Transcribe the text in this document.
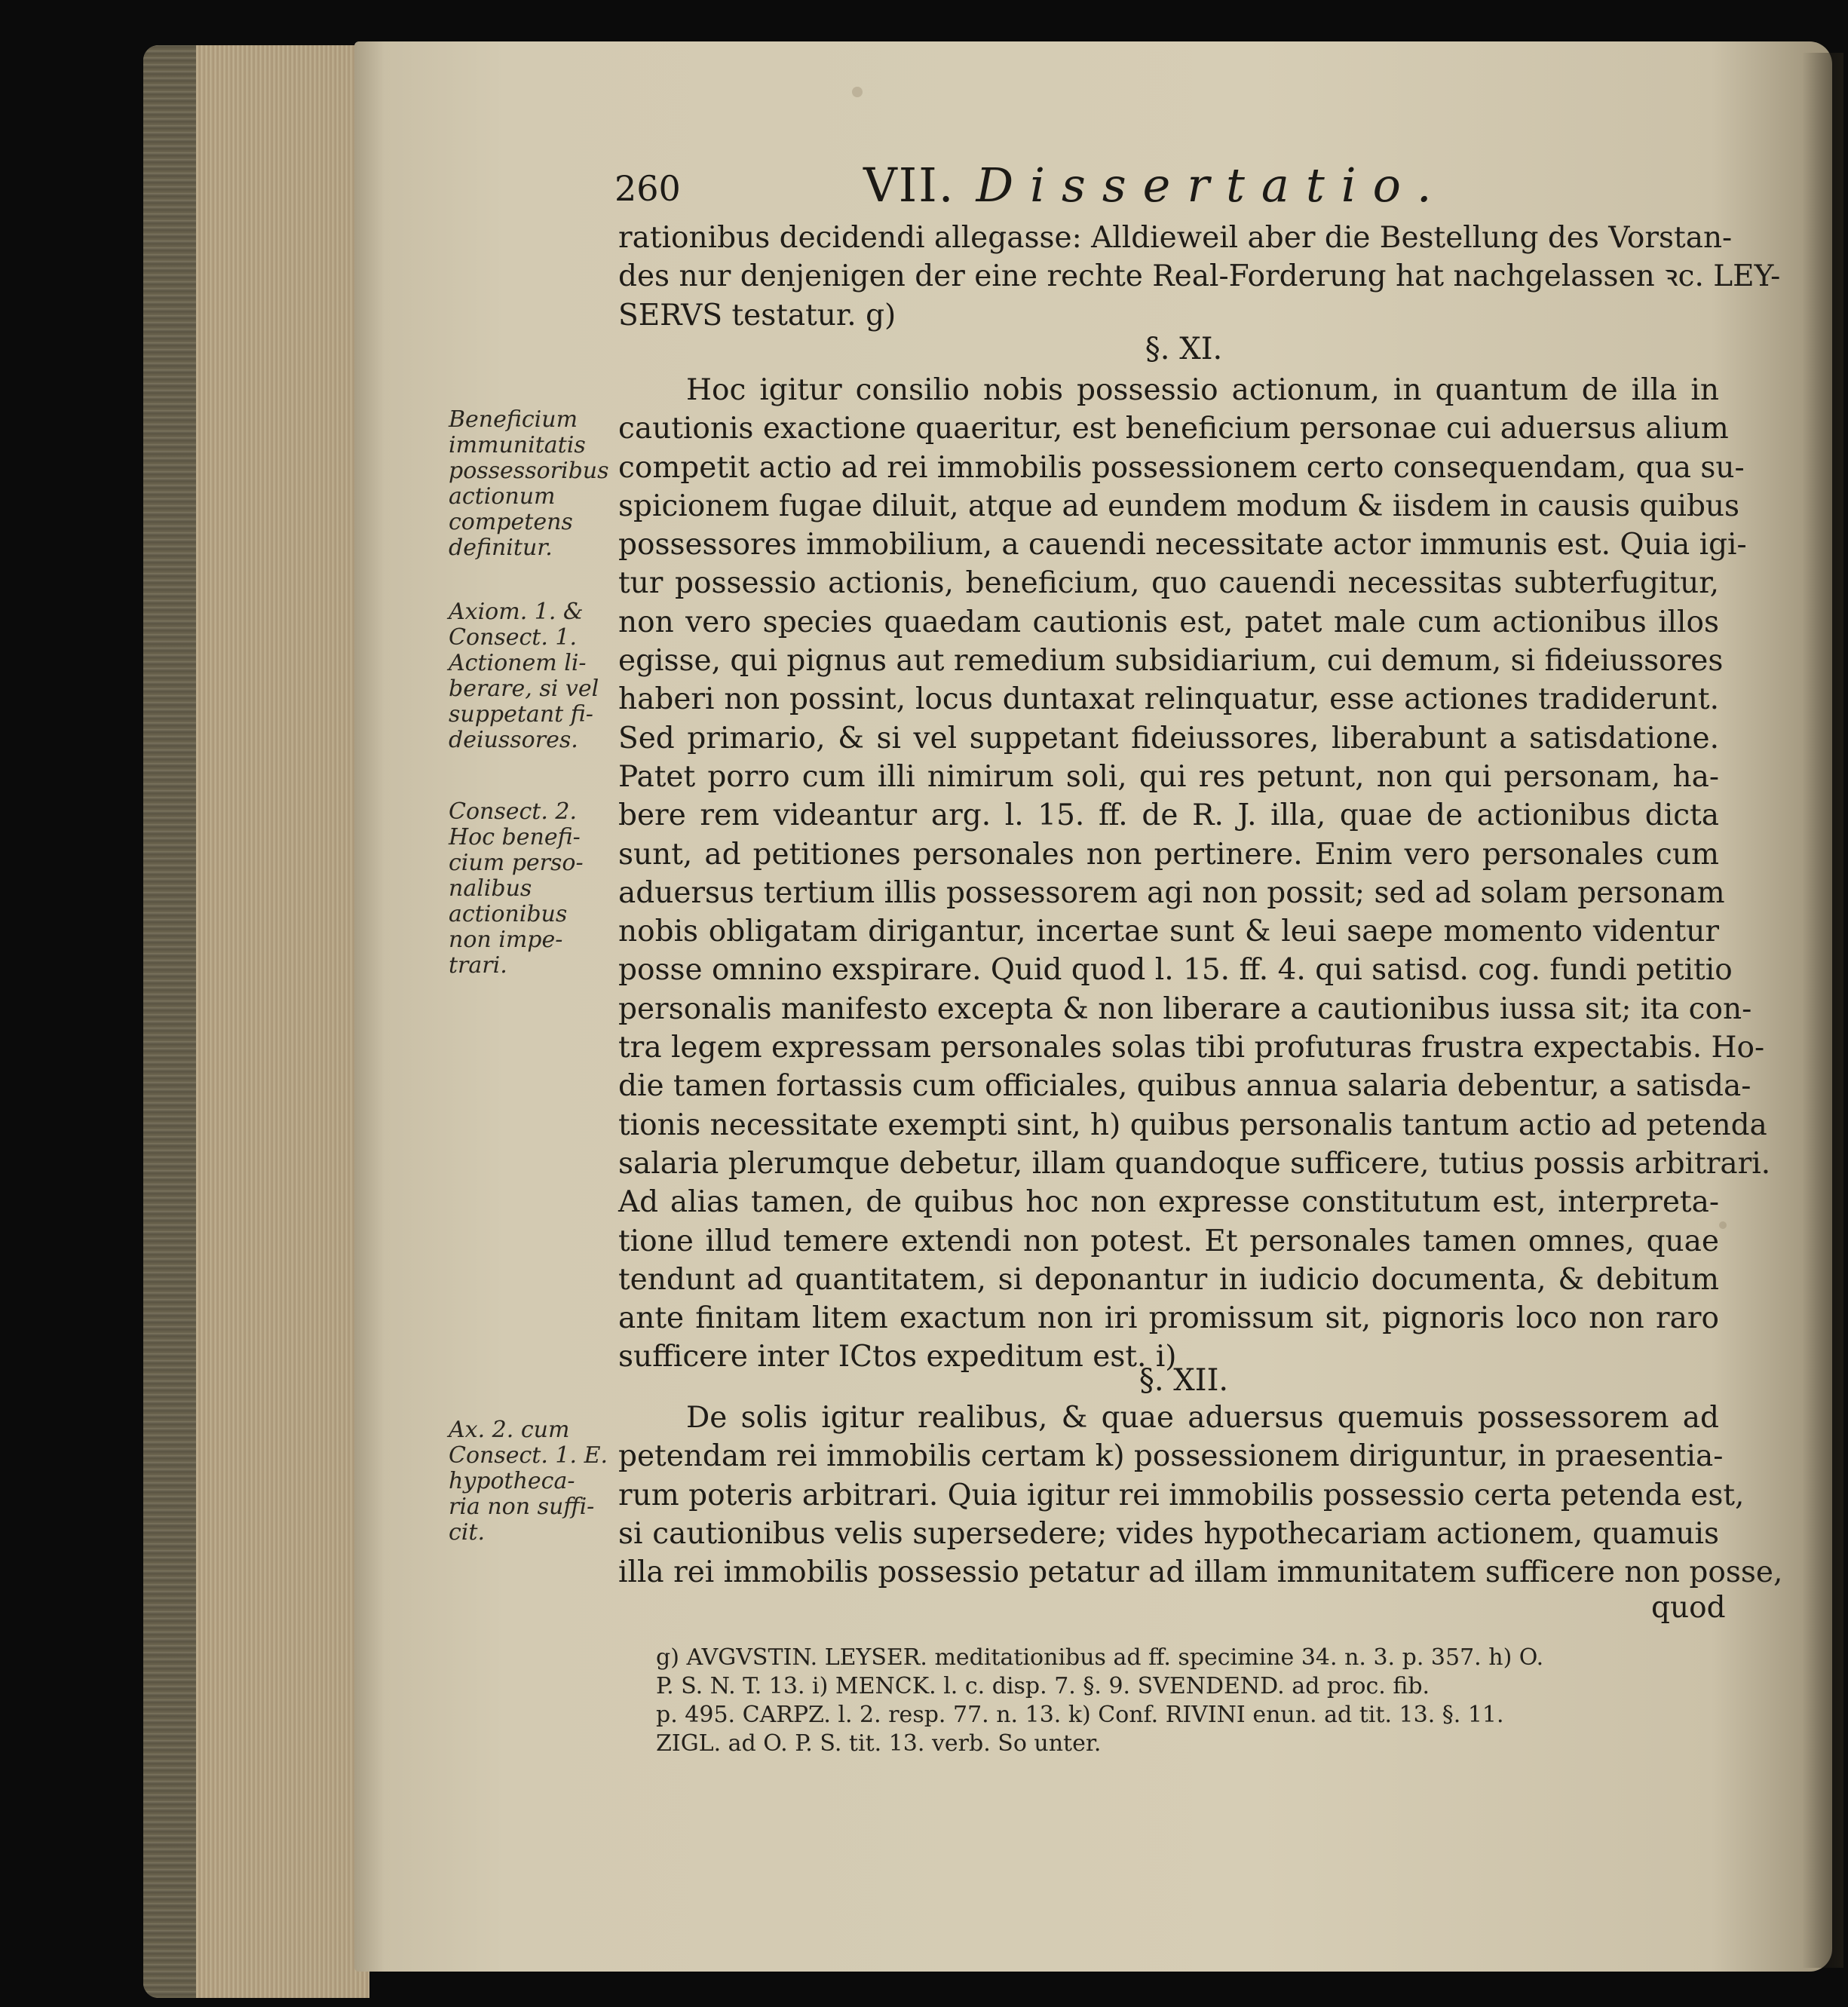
260	VII. Dissertatio.
rationibus decidendi allegasse: Alldieweil aber die Bestellung des Vorstan-
des nur denjenigen der eine rechte Real-Forderung hat nachgelassen ꝛc. LEY-
SERVS testatur. g)
§. XI.
Hoc igitur consilio nobis possessio actionum, in quantum de illa in
cautionis exactione quaeritur, est beneficium personae cui aduersus alium
competit actio ad rei immobilis possessionem certo consequendam, qua su-
spicionem fugae diluit, atque ad eundem modum & iisdem in causis quibus
possessores immobilium, a cauendi necessitate actor immunis est. Quia igi-
tur possessio actionis, beneficium, quo cauendi necessitas subterfugitur,
non vero species quaedam cautionis est, patet male cum actionibus illos
egisse, qui pignus aut remedium subsidiarium, cui demum, si fideiussores
haberi non possint, locus duntaxat relinquatur, esse actiones tradiderunt.
Sed primario, & si vel suppetant fideiussores, liberabunt a satisdatione.
Patet porro cum illi nimirum soli, qui res petunt, non qui personam, ha-
bere rem videantur arg. l. 15. ff. de R. J. illa, quae de actionibus dicta
sunt, ad petitiones personales non pertinere. Enim vero personales cum
aduersus tertium illis possessorem agi non possit; sed ad solam personam
nobis obligatam dirigantur, incertae sunt & leui saepe momento videntur
posse omnino exspirare. Quid quod l. 15. ff. 4. qui satisd. cog. fundi petitio
personalis manifesto excepta & non liberare a cautionibus iussa sit; ita con-
tra legem expressam personales solas tibi profuturas frustra expectabis. Ho-
die tamen fortassis cum officiales, quibus annua salaria debentur, a satisda-
tionis necessitate exempti sint, h) quibus personalis tantum actio ad petenda
salaria plerumque debetur, illam quandoque sufficere, tutius possis arbitrari.
Ad alias tamen, de quibus hoc non expresse constitutum est, interpreta-
tione illud temere extendi non potest. Et personales tamen omnes, quae
tendunt ad quantitatem, si deponantur in iudicio documenta, & debitum
ante finitam litem exactum non iri promissum sit, pignoris loco non raro
sufficere inter ICtos expeditum est. i)
§. XII.
De solis igitur realibus, & quae aduersus quemuis possessorem ad
petendam rei immobilis certam k) possessionem diriguntur, in praesentia-
rum poteris arbitrari. Quia igitur rei immobilis possessio certa petenda est,
si cautionibus velis supersedere; vides hypothecariam actionem, quamuis
illa rei immobilis possessio petatur ad illam immunitatem sufficere non posse,
quod
Beneficium
immunitatis
possessoribus
actionum
competens
definitur.
Axiom. 1. &
Consect. 1.
Actionem li-
berare, si vel
suppetant fi-
deiussores.
Consect. 2.
Hoc benefi-
cium perso-
nalibus
actionibus
non impe-
trari.
Ax. 2. cum
Consect. 1. E.
hypotheca-
ria non suffi-
cit.
g) AVGVSTIN. LEYSER. meditationibus ad ff. specimine 34. n. 3. p. 357. h) O.
P. S. N. T. 13. i) MENCK. l. c. disp. 7. §. 9. SVENDEND. ad proc. fib.
p. 495. CARPZ. l. 2. resp. 77. n. 13. k) Conf. RIVINI enun. ad tit. 13. §. 11.
ZIGL. ad O. P. S. tit. 13. verb. So unter.
